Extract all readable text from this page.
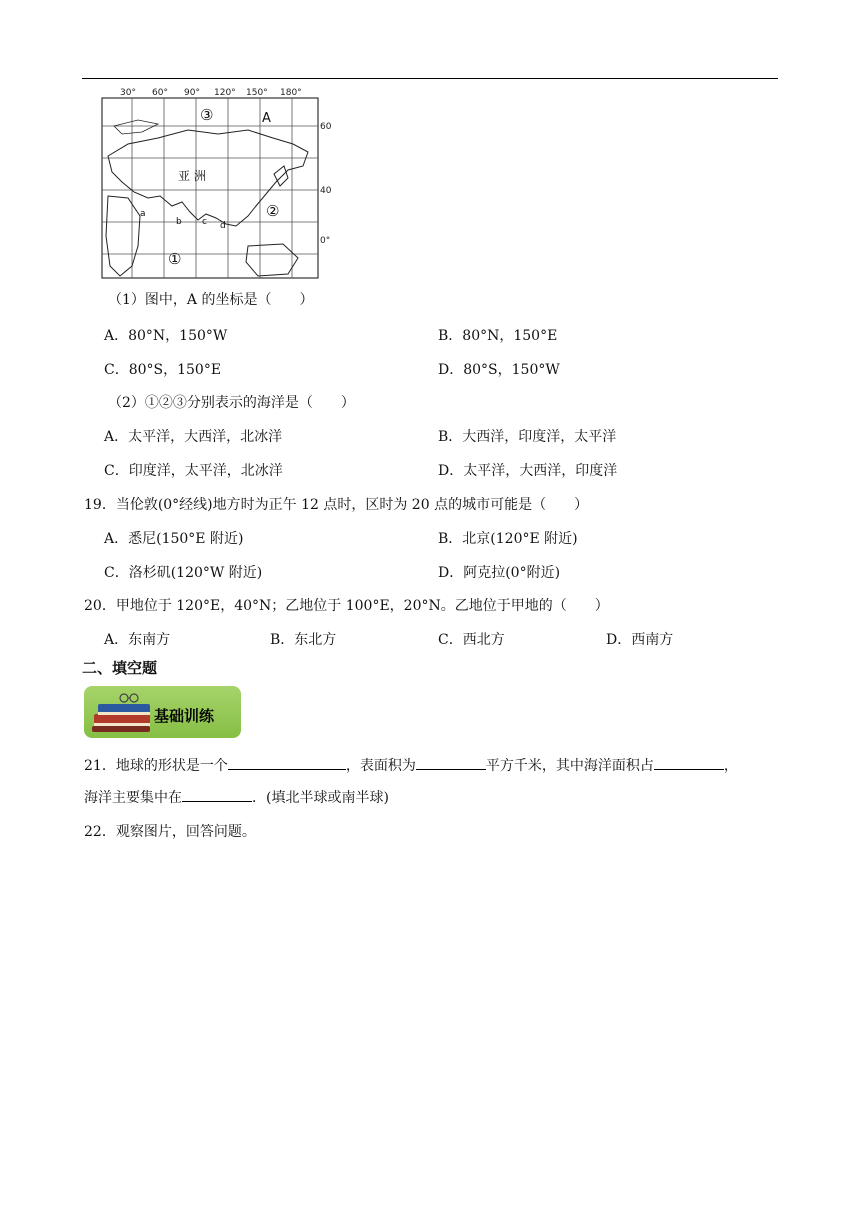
30° 60° 90° 120° 150° 180°
60
40
0°
亚 洲
A
③
②
①
a
b c d
（1）图中，A 的坐标是（　　）
A．80°N，150°W	B．80°N，150°E
C．80°S，150°E	D．80°S，150°W
（2）①②③分别表示的海洋是（　　）
A．太平洋，大西洋，北冰洋	B．大西洋，印度洋，太平洋
C．印度洋，太平洋，北冰洋	D．太平洋，大西洋，印度洋
19．当伦敦(0°经线)地方时为正午 12 点时，区时为 20 点的城市可能是（　　）
A．悉尼(150°E 附近)	B．北京(120°E 附近)
C．洛杉矶(120°W 附近)	D．阿克拉(0°附近)
20．甲地位于 120°E，40°N；乙地位于 100°E，20°N。乙地位于甲地的（　　）
A．东南方	B．东北方	C．西北方	D．西南方
二、填空题
基础训练
21．地球的形状是一个	，表面积为	平方千米，其中海洋面积占	，
海洋主要集中在	．(填北半球或南半球)
22．观察图片，回答问题。
